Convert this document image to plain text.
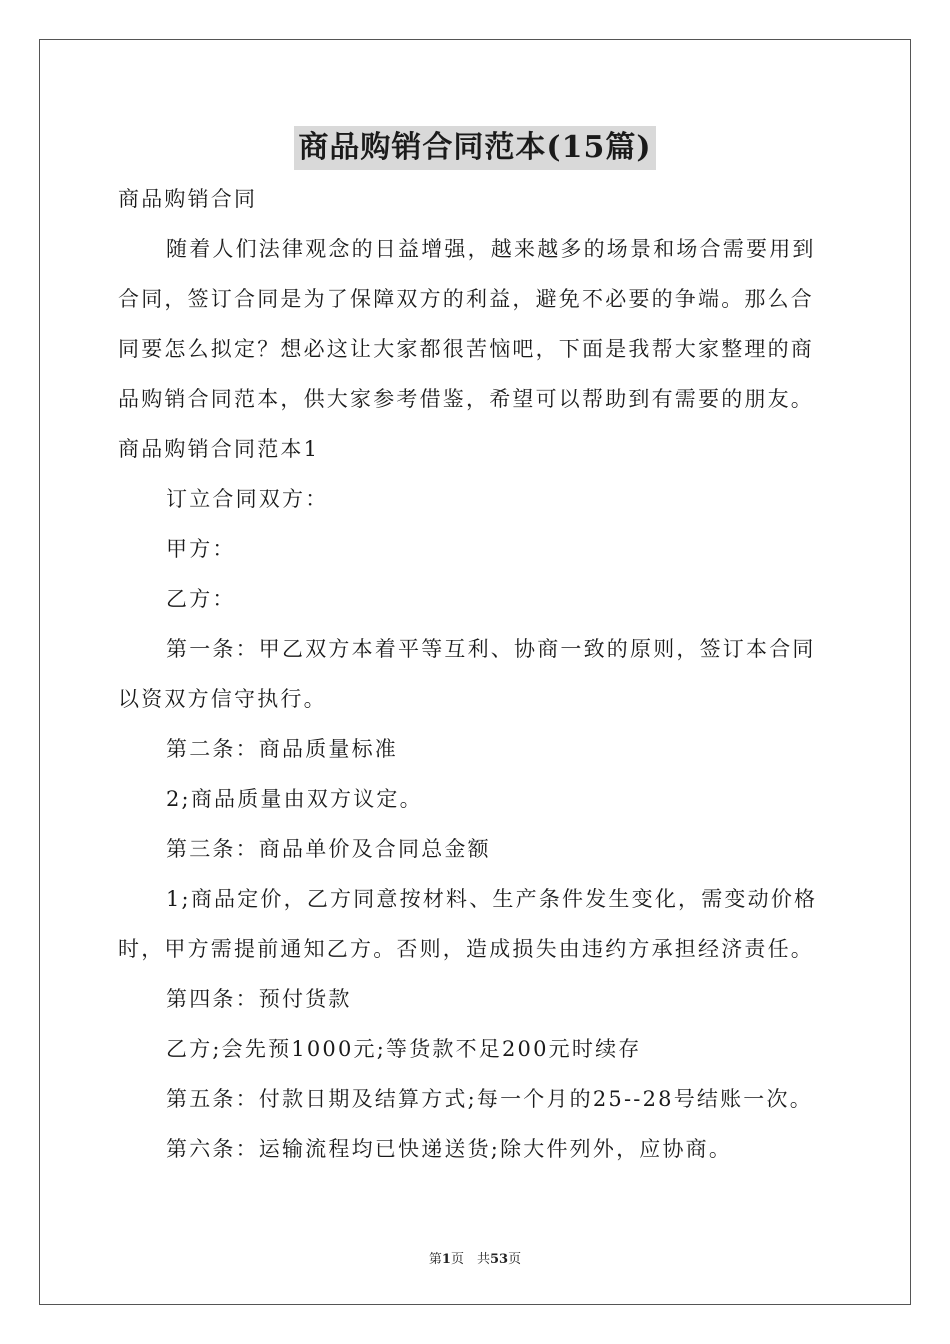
商品购销合同范本(15篇)
商品购销合同
随着人们法律观念的日益增强，越来越多的场景和场合需要用到
合同，签订合同是为了保障双方的利益，避免不必要的争端。那么合
同要怎么拟定？想必这让大家都很苦恼吧，下面是我帮大家整理的商
品购销合同范本，供大家参考借鉴，希望可以帮助到有需要的朋友。
商品购销合同范本1
订立合同双方：
甲方：
乙方：
第一条：甲乙双方本着平等互利、协商一致的原则，签订本合同
以资双方信守执行。
第二条：商品质量标准
2;商品质量由双方议定。
第三条：商品单价及合同总金额
1;商品定价，乙方同意按材料、生产条件发生变化，需变动价格
时，甲方需提前通知乙方。否则，造成损失由违约方承担经济责任。
第四条：预付货款
乙方;会先预1000元;等货款不足200元时续存
第五条：付款日期及结算方式;每一个月的25--28号结账一次。
第六条：运输流程均已快递送货;除大件列外，应协商。
第1页　共53页
